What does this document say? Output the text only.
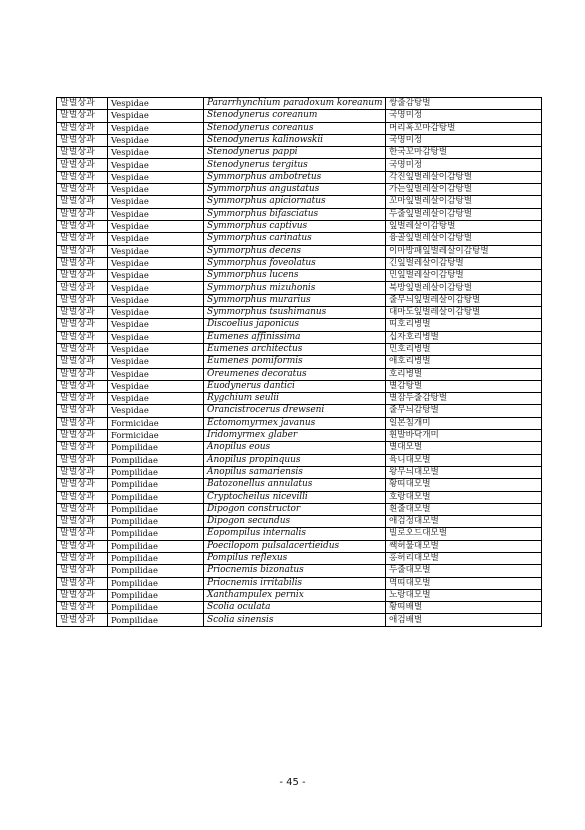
말벌상과	Vespidae	Pararrhynchium paradoxum koreanum	쌍줄감탕벌
말벌상과	Vespidae	Stenodynerus coreanum	국명미정
말벌상과	Vespidae	Stenodynerus coreanus	머리혹꼬마감탕벌
말벌상과	Vespidae	Stenodynerus kalinowskii	국명미정
말벌상과	Vespidae	Stenodynerus pappi	한국꼬마감탕벌
말벌상과	Vespidae	Stenodynerus tergitus	국명미정
말벌상과	Vespidae	Symmorphus ambotretus	각진잎벌레살이감탕벌
말벌상과	Vespidae	Symmorphus angustatus	가는잎벌레살이감탕벌
말벌상과	Vespidae	Symmorphus apiciornatus	꼬마잎벌레살이감탕벌
말벌상과	Vespidae	Symmorphus bifasciatus	두줄잎벌레살이감탕벌
말벌상과	Vespidae	Symmorphus captivus	잎벌레살이감탕벌
말벌상과	Vespidae	Symmorphus carinatus	융골잎벌레살이감탕벌
말벌상과	Vespidae	Symmorphus decens	이마방패잎벌레살이감탕벌
말벌상과	Vespidae	Symmorphus foveolatus	긴잎벌레살이감탕벌
말벌상과	Vespidae	Symmorphus lucens	민잎벌레살이감탕벌
말벌상과	Vespidae	Symmorphus mizuhonis	북방잎벌레살이감탕벌
말벌상과	Vespidae	Symmorphus murarius	줄무늬잎벌레살이감탕벌
말벌상과	Vespidae	Symmorphus tsushimanus	대마도잎벌레살이감탕벌
말벌상과	Vespidae	Discoelius japonicus	띠호리병벌
말벌상과	Vespidae	Eumenes affinissima	십자호리병벌
말벌상과	Vespidae	Eumenes architectus	민호리병벌
말벌상과	Vespidae	Eumenes pomiformis	애호리병벌
말벌상과	Vespidae	Oreumenes decoratus	호리병벌
말벌상과	Vespidae	Euodynerus dantici	별감탕벌
말벌상과	Vespidae	Rygchium seulii	별잠두줄감탕벌
말벌상과	Vespidae	Orancistrocerus drewseni	줄무늬감탕벌
말벌상과	Formicidae	Ectomomyrmex javanus	일본침개미
말벌상과	Formicidae	Iridomyrmex glaber	휜발바닥개미
말벌상과	Pompilidae	Anopilus eous	별대모벌
말벌상과	Pompilidae	Anopilus propinquus	육니대모벌
말벌상과	Pompilidae	Anopilus samariensis	왕무늬대모벌
말벌상과	Pompilidae	Batozonellus annulatus	황띠대모벌
말벌상과	Pompilidae	Cryptocheilus nicevilli	호랑대모벌
말벌상과	Pompilidae	Dipogon constructor	흰줄대모벌
말벌상과	Pompilidae	Dipogon secundus	애검정대모벌
말벌상과	Pompilidae	Eopompilus internalis	빌로오드대모벌
말벌상과	Pompilidae	Poecilopom pulsalacertieidus	쌕허물대모벌
말벌상과	Pompilidae	Pompilus reflexus	홍허리대모벌
말벌상과	Pompilidae	Priocnemis bizonatus	두줄대모벌
말벌상과	Pompilidae	Priocnemis irritabilis	멱띠대모벌
말벌상과	Pompilidae	Xanthampulex pernix	노랑대모벌
말벌상과	Pompilidae	Scolia oculata	황띠배벌
말벌상과	Pompilidae	Scolia sinensis	애검배벌
- 45 -
